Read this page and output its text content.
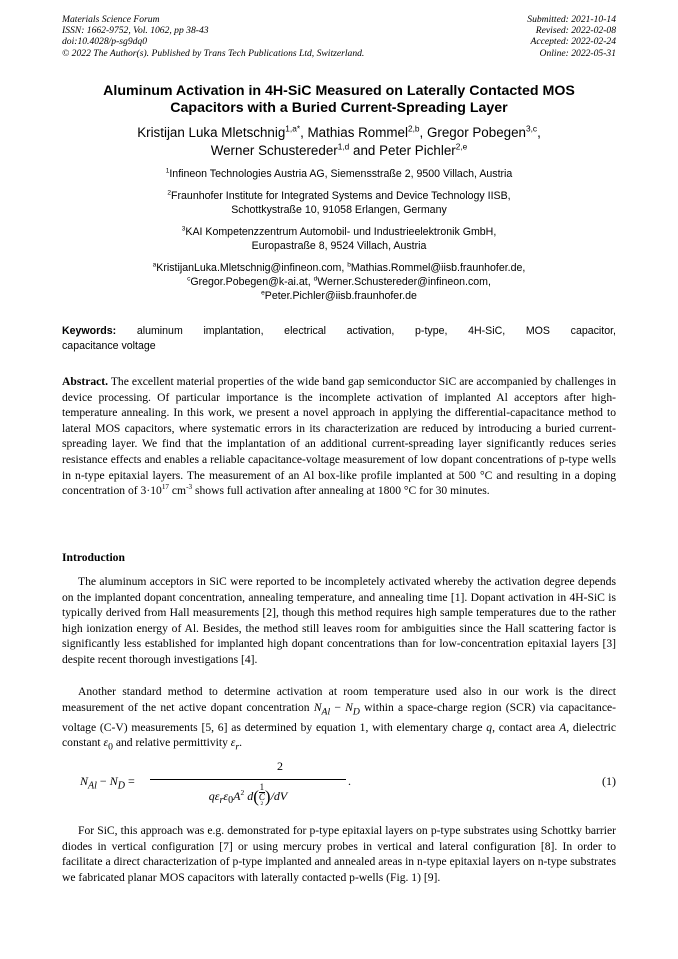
Materials Science Forum
ISSN: 1662-9752, Vol. 1062, pp 38-43
doi:10.4028/p-sg9dq0
© 2022 The Author(s). Published by Trans Tech Publications Ltd, Switzerland.
Submitted: 2021-10-14
Revised: 2022-02-08
Accepted: 2022-02-24
Online: 2022-05-31
Aluminum Activation in 4H-SiC Measured on Laterally Contacted MOS
Capacitors with a Buried Current-Spreading Layer
Kristijan Luka Mletschnig$^{1,a*}$, Mathias Rommel$^{2,b}$, Gregor Pobegen$^{3,c}$,
Werner Schustereder$^{1,d}$ and Peter Pichler$^{2,e}$
$^1$Infineon Technologies Austria AG, Siemensstraße 2, 9500 Villach, Austria
$^2$Fraunhofer Institute for Integrated Systems and Device Technology IISB,
Schottkystraße 10, 91058 Erlangen, Germany
$^3$KAI Kompetenzzentrum Automobil- und Industrieelektronik GmbH,
Europastraße 8, 9524 Villach, Austria
$^a$KristijanLuka.Mletschnig@infineon.com, $^b$Mathias.Rommel@iisb.fraunhofer.de,
$^c$Gregor.Pobegen@k-ai.at, $^d$Werner.Schustereder@infineon.com,
$^e$Peter.Pichler@iisb.fraunhofer.de
Keywords: aluminum implantation, electrical activation, p-type, 4H-SiC, MOS capacitor,
capacitance voltage
Abstract. The excellent material properties of the wide band gap semiconductor SiC are accompanied by challenges in device processing. Of particular importance is the incomplete activation of implanted Al acceptors after high-temperature annealing. In this work, we present a novel approach in applying the differential-capacitance method to lateral MOS capacitors, where systematic errors in its characterization are reduced by introducing a buried current-spreading layer. We find that the implantation of an additional current-spreading layer significantly reduces series resistance effects and enables a reliable capacitance-voltage measurement of low dopant concentrations of p-type wells in n-type epitaxial layers. The measurement of an Al box-like profile implanted at 500 °C and resulting in a doping concentration of $3\cdot 10^{17}$ $cm^{-3}$ shows full activation after annealing at 1800 °C for 30 minutes.
Introduction
The aluminum acceptors in SiC were reported to be incompletely activated whereby the activation degree depends on the implanted dopant concentration, annealing temperature, and annealing time [1]. Dopant activation in 4H-SiC is typically derived from Hall measurements [2], though this method requires high sample temperatures due to the rather high ionization energy of Al. Besides, the method still leaves room for ambiguities since the Hall scattering factor is significantly less established for implanted high dopant concentrations than for low-concentration epitaxial layers [3] despite recent thorough investigations [4].
Another standard method to determine activation at room temperature used also in our work is the direct measurement of the net active dopant concentration $N_{Al} - N_D$ within a space-charge region (SCR) via capacitance-voltage (C-V) measurements [5, 6] as determined by equation 1, with elementary charge q, contact area A, dielectric constant $\varepsilon_0$ and relative permittivity $\varepsilon_r$.
$N_{Al} - N_D$ =
2
$q\varepsilon_r\varepsilon_0A^2$ d( 1
C
$^2$ )/dV
.	(1)
For SiC, this approach was e.g. demonstrated for p-type epitaxial layers on p-type substrates using Schottky barrier diodes in vertical configuration [7] or using mercury probes in vertical and lateral configuration [8]. In order to facilitate a direct characterization of p-type implanted and annealed areas in n-type epitaxial layers on n-type substrates we fabricated planar MOS capacitors with laterally contacted p-wells (Fig. 1) [9].
